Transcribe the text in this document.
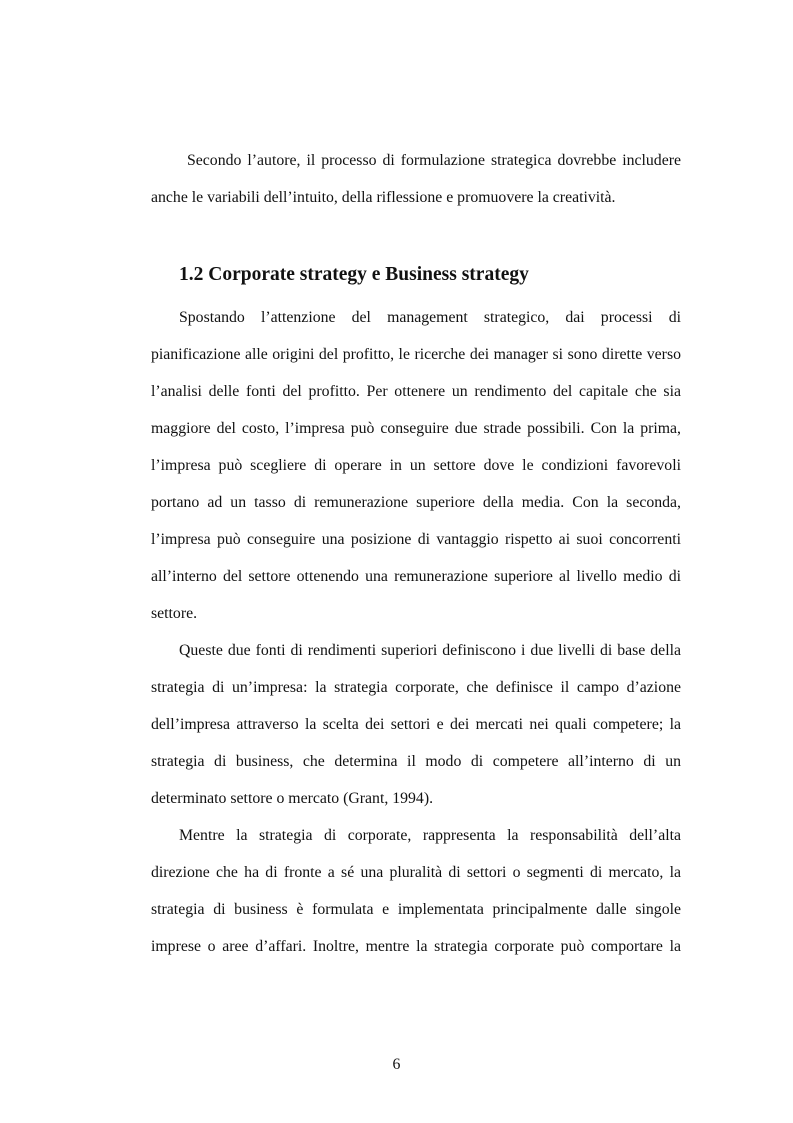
Secondo l’autore, il processo di formulazione strategica dovrebbe includere anche le variabili dell’intuito, della riflessione e promuovere la creatività.

1.2 Corporate strategy e Business strategy

Spostando l’attenzione del management strategico, dai processi di pianificazione alle origini del profitto, le ricerche dei manager si sono dirette verso l’analisi delle fonti del profitto. Per ottenere un rendimento del capitale che sia maggiore del costo, l’impresa può conseguire due strade possibili. Con la prima, l’impresa può scegliere di operare in un settore dove le condizioni favorevoli portano ad un tasso di remunerazione superiore della media. Con la seconda, l’impresa può conseguire una posizione di vantaggio rispetto ai suoi concorrenti all’interno del settore ottenendo una remunerazione superiore al livello medio di settore.

Queste due fonti di rendimenti superiori definiscono i due livelli di base della strategia di un’impresa: la strategia corporate, che definisce il campo d’azione dell’impresa attraverso la scelta dei settori e dei mercati nei quali competere; la strategia di business, che determina il modo di competere all’interno di un determinato settore o mercato (Grant, 1994).

Mentre la strategia di corporate, rappresenta la responsabilità dell’alta direzione che ha di fronte a sé una pluralità di settori o segmenti di mercato, la strategia di business è formulata e implementata principalmente dalle singole imprese o aree d’affari. Inoltre, mentre la strategia corporate può comportare la

6
